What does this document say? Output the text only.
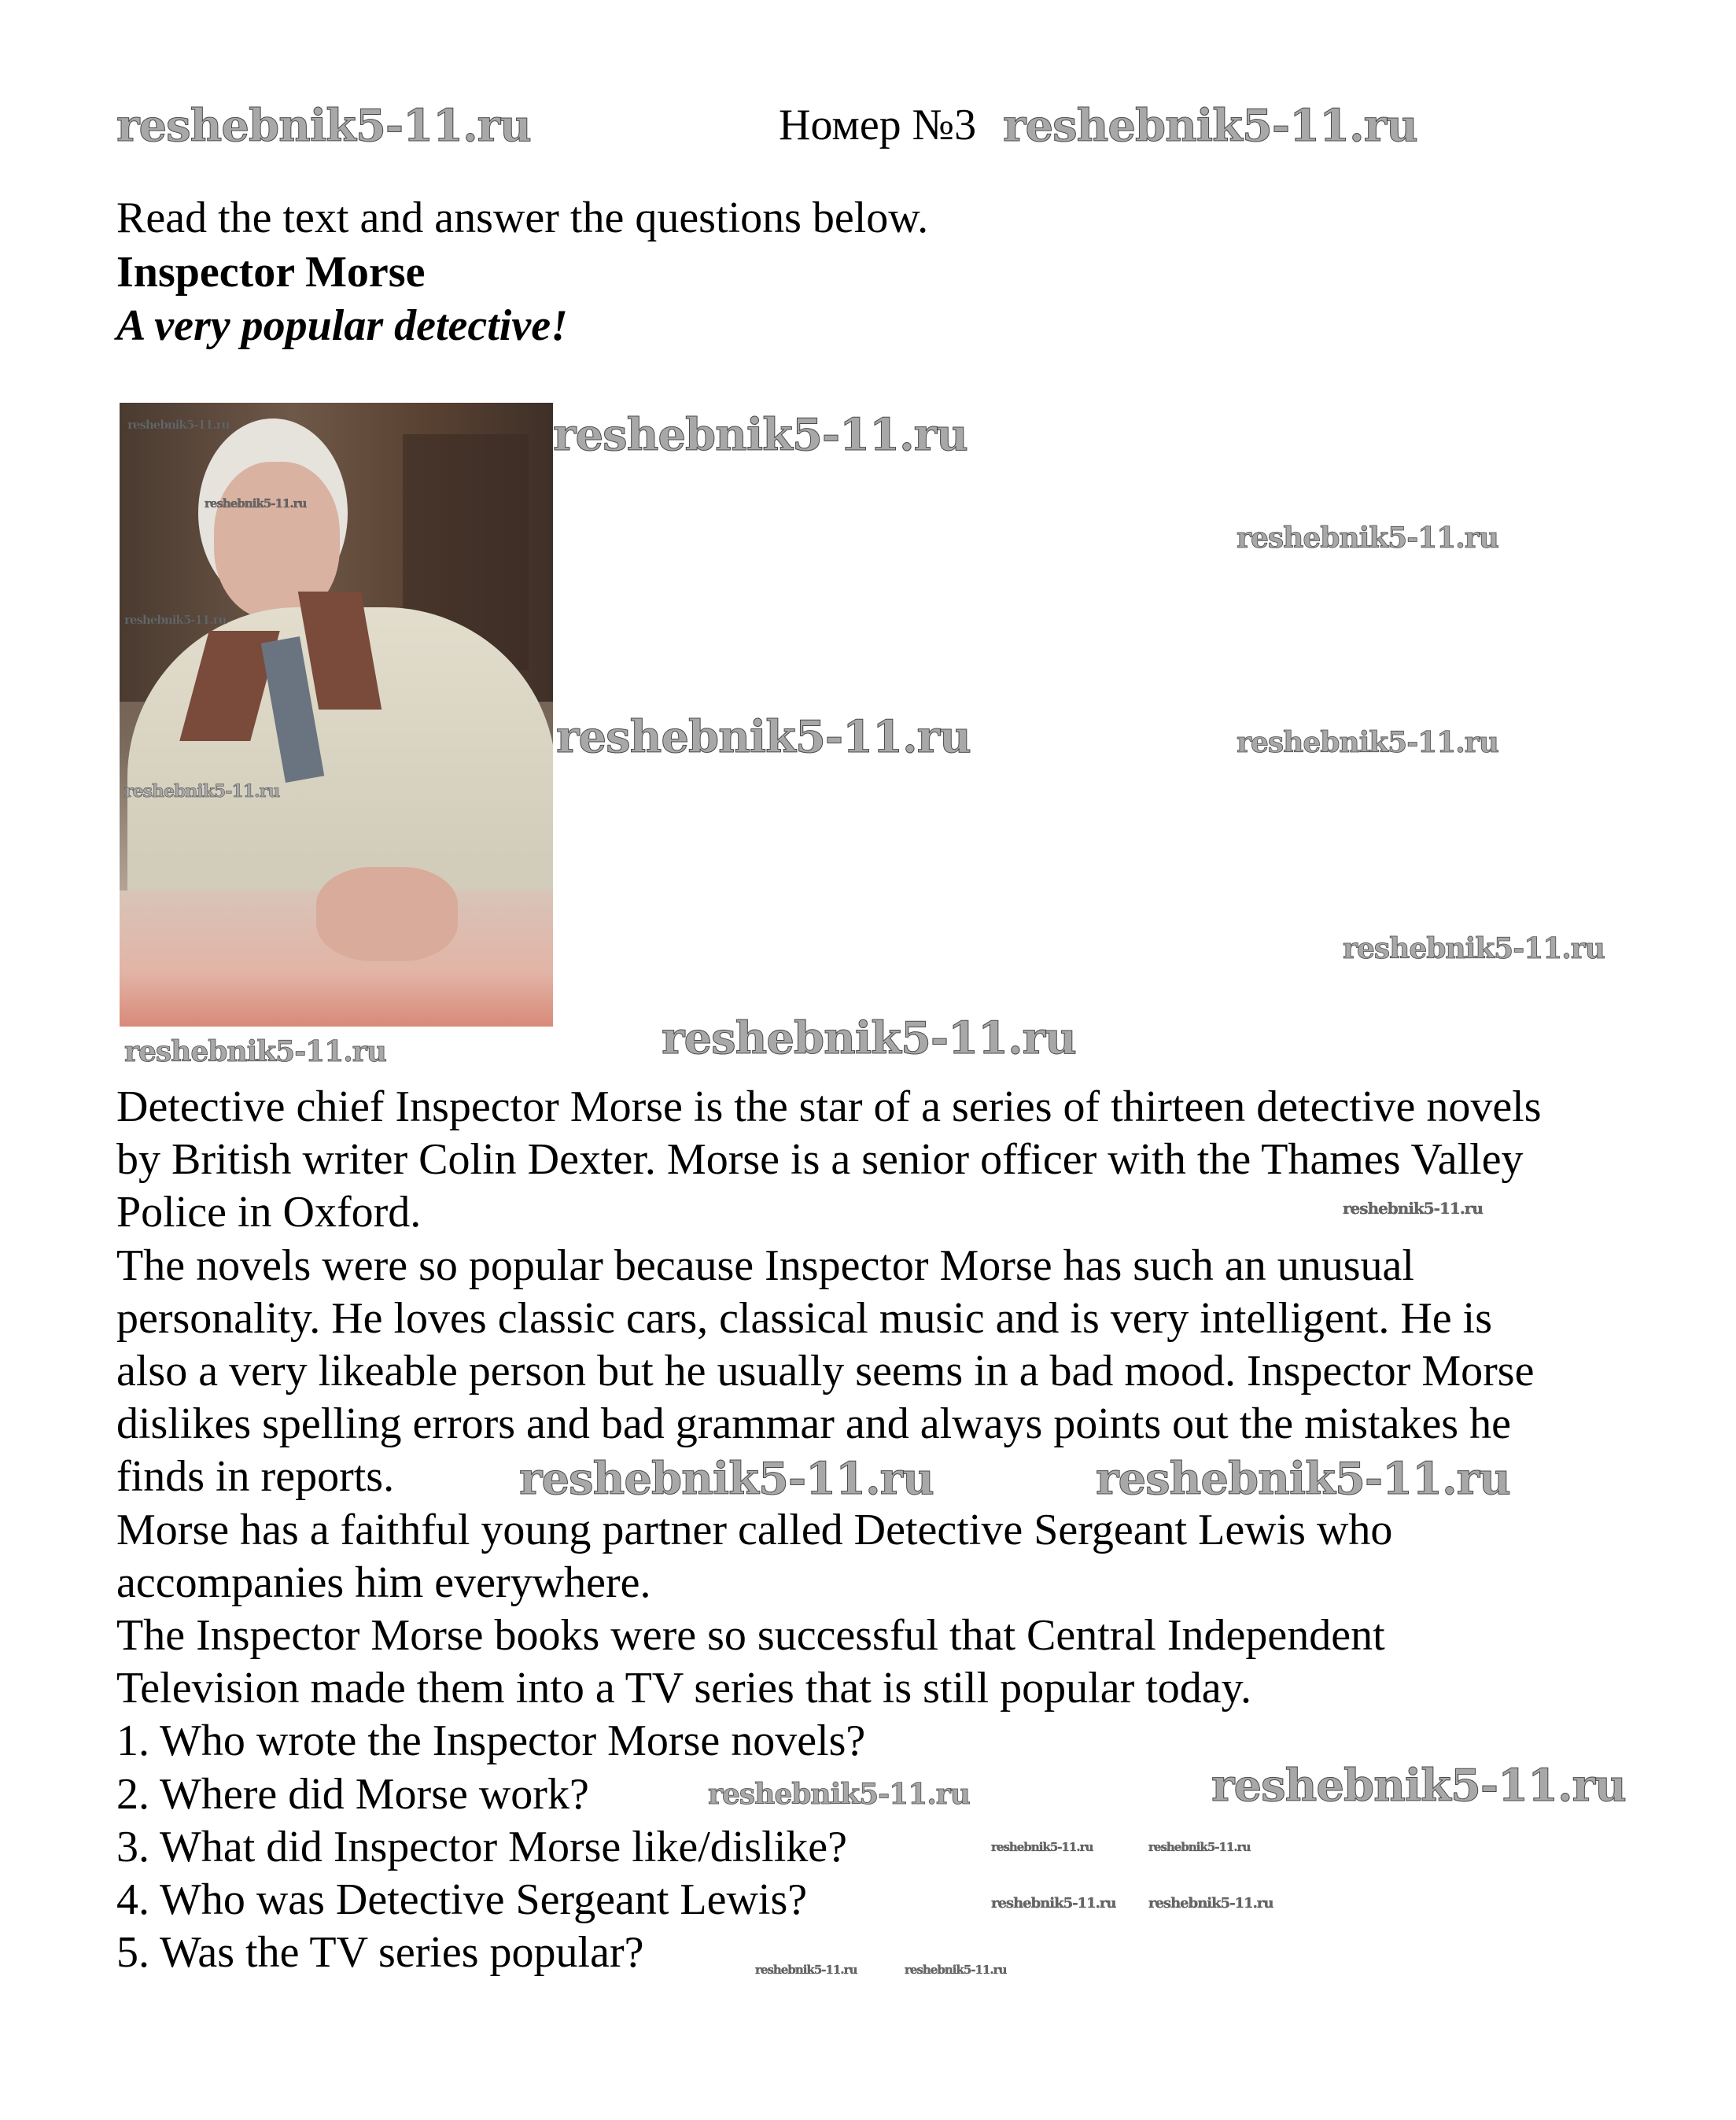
reshebnik5-11.ru	Номер №3 reshebnik5-11.ru
Read the text and answer the questions below.
Inspector Morse
A very popular detective!
reshebnik5-11.ru
reshebnik5-11.ru
reshebnik5-11.ru
reshebnik5-11.ru
reshebnik5-11.ru
reshebnik5-11.ru
reshebnik5-11.ru	reshebnik5-11.ru
reshebnik5-11.ru
reshebnik5-11.ru
reshebnik5-11.ru
Detective chief Inspector Morse is the star of a series of thirteen detective novels
by British writer Colin Dexter. Morse is a senior officer with the Thames Valley
Police in Oxford.
The novels were so popular because Inspector Morse has such an unusual
personality. He loves classic cars, classical music and is very intelligent. He is
also a very likeable person but he usually seems in a bad mood. Inspector Morse
dislikes spelling errors and bad grammar and always points out the mistakes he
finds in reports.
Morse has a faithful young partner called Detective Sergeant Lewis who
accompanies him everywhere.
The Inspector Morse books were so successful that Central Independent
Television made them into a TV series that is still popular today.
1. Who wrote the Inspector Morse novels?
2. Where did Morse work?
3. What did Inspector Morse like/dislike?
4. Who was Detective Sergeant Lewis?
5. Was the TV series popular?
reshebnik5-11.ru
reshebnik5-11.ru	reshebnik5-11.ru
reshebnik5-11.ru reshebnik5-11.ru
reshebnik5-11.ru	reshebnik5-11.ru
reshebnik5-11.ru	reshebnik5-11.ru
reshebnik5-11.ru	reshebnik5-11.ru
